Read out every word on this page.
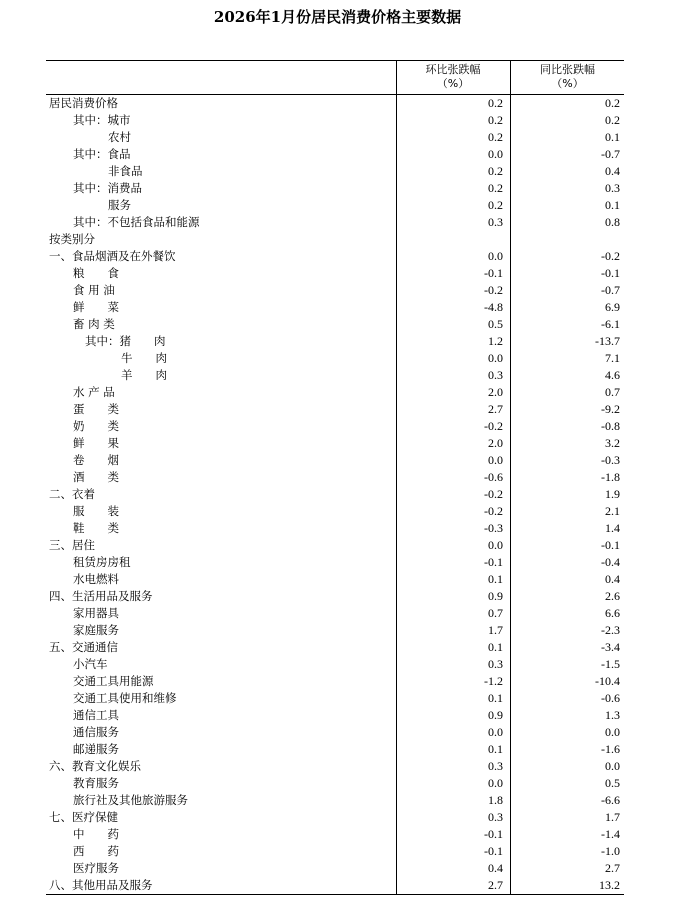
2026年1月份居民消费价格主要数据
环比张跌幅
（%）
同比张跌幅
（%）
居民消费价格	0.2	0.2
其中：城市	0.2	0.2
农村	0.2	0.1
其中：食品	0.0	-0.7
非食品	0.2	0.4
其中：消费品	0.2	0.3
服务	0.2	0.1
其中：不包括食品和能源	0.3	0.8
按类别分
一、食品烟酒及在外餐饮	0.0	-0.2
粮　　食	-0.1	-0.1
食 用 油	-0.2	-0.7
鲜　　菜	-4.8	6.9
畜 肉 类	0.5	-6.1
其中：猪　　肉	1.2	-13.7
牛　　肉	0.0	7.1
羊　　肉	0.3	4.6
水 产 品	2.0	0.7
蛋　　类	2.7	-9.2
奶　　类	-0.2	-0.8
鲜　　果	2.0	3.2
卷　　烟	0.0	-0.3
酒　　类	-0.6	-1.8
二、衣着	-0.2	1.9
服　　装	-0.2	2.1
鞋　　类	-0.3	1.4
三、居住	0.0	-0.1
租赁房房租	-0.1	-0.4
水电燃料	0.1	0.4
四、生活用品及服务	0.9	2.6
家用器具	0.7	6.6
家庭服务	1.7	-2.3
五、交通通信	0.1	-3.4
小汽车	0.3	-1.5
交通工具用能源	-1.2	-10.4
交通工具使用和维修	0.1	-0.6
通信工具	0.9	1.3
通信服务	0.0	0.0
邮递服务	0.1	-1.6
六、教育文化娱乐	0.3	0.0
教育服务	0.0	0.5
旅行社及其他旅游服务	1.8	-6.6
七、医疗保健	0.3	1.7
中　　药	-0.1	-1.4
西　　药	-0.1	-1.0
医疗服务	0.4	2.7
八、其他用品及服务	2.7	13.2
